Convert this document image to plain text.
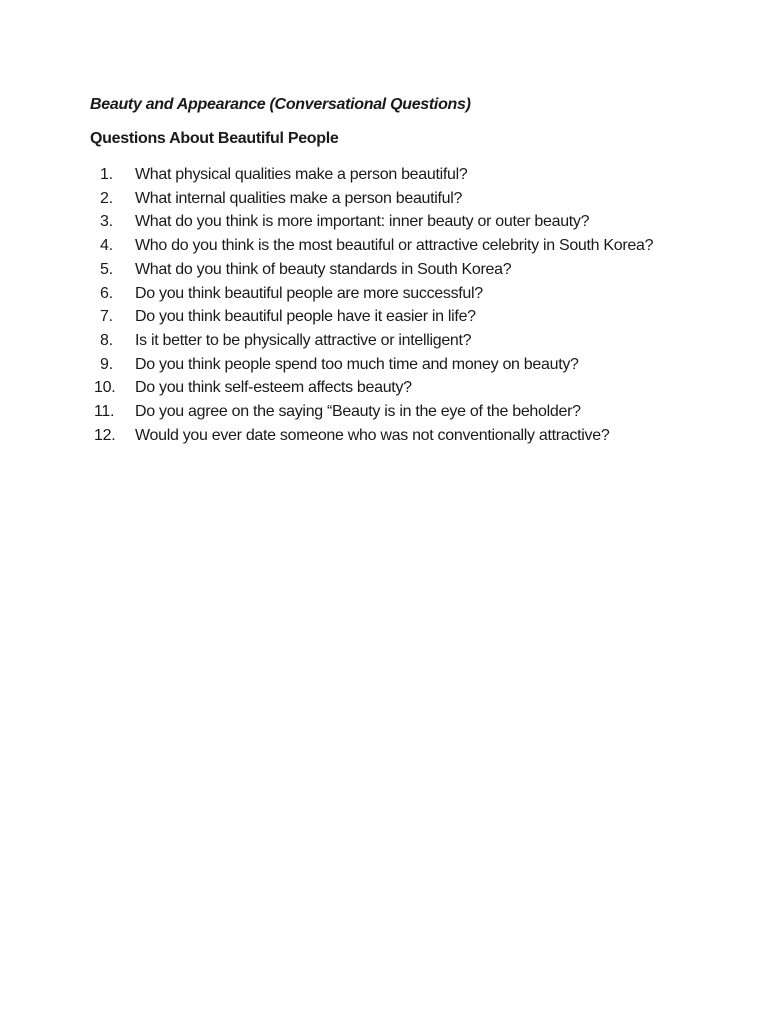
Beauty and Appearance (Conversational Questions)
Questions About Beautiful People
1.	What physical qualities make a person beautiful?
2.	What internal qualities make a person beautiful?
3.	What do you think is more important: inner beauty or outer beauty?
4.	Who do you think is the most beautiful or attractive celebrity in South Korea?
5.	What do you think of beauty standards in South Korea?
6.	Do you think beautiful people are more successful?
7.	Do you think beautiful people have it easier in life?
8.	Is it better to be physically attractive or intelligent?
9.	Do you think people spend too much time and money on beauty?
10.	Do you think self-esteem affects beauty?
11.	Do you agree on the saying “Beauty is in the eye of the beholder?
12.	Would you ever date someone who was not conventionally attractive?
